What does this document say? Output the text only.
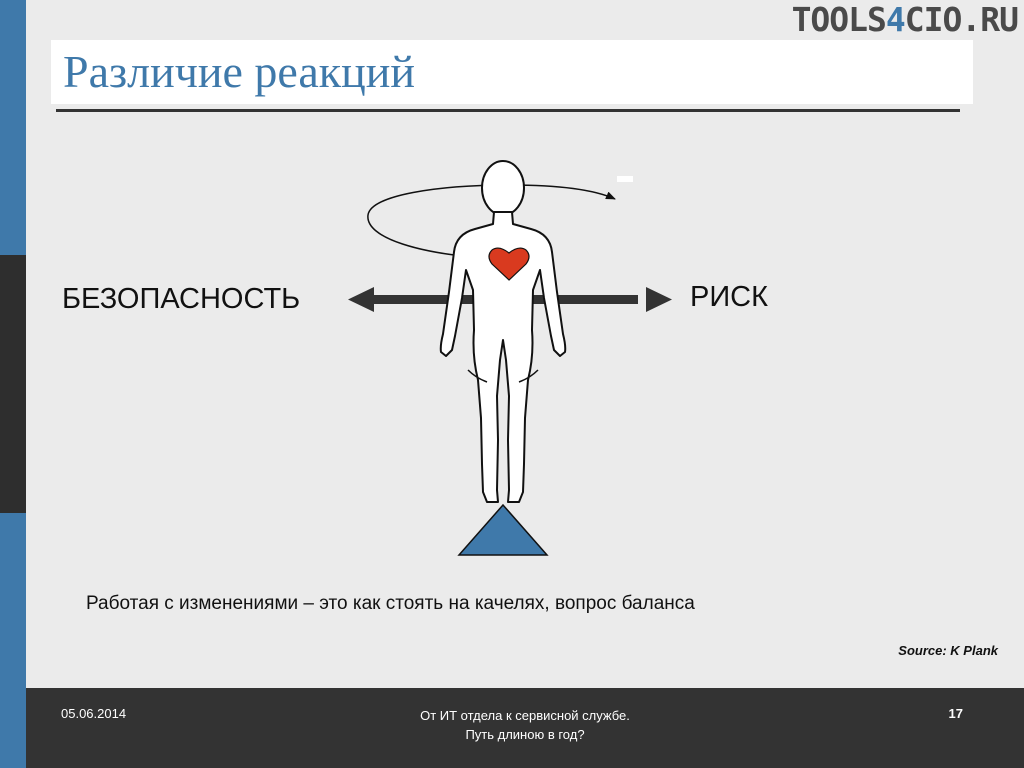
TOOLS4CIO.RU
Различие реакций
БЕЗОПАСНОСТЬ	РИСК
Работая с изменениями – это как стоять на качелях, вопрос баланса
Source: K Plank
05.06.2014	От ИТ отдела к сервисной службе.
Путь длиною в год?
17
